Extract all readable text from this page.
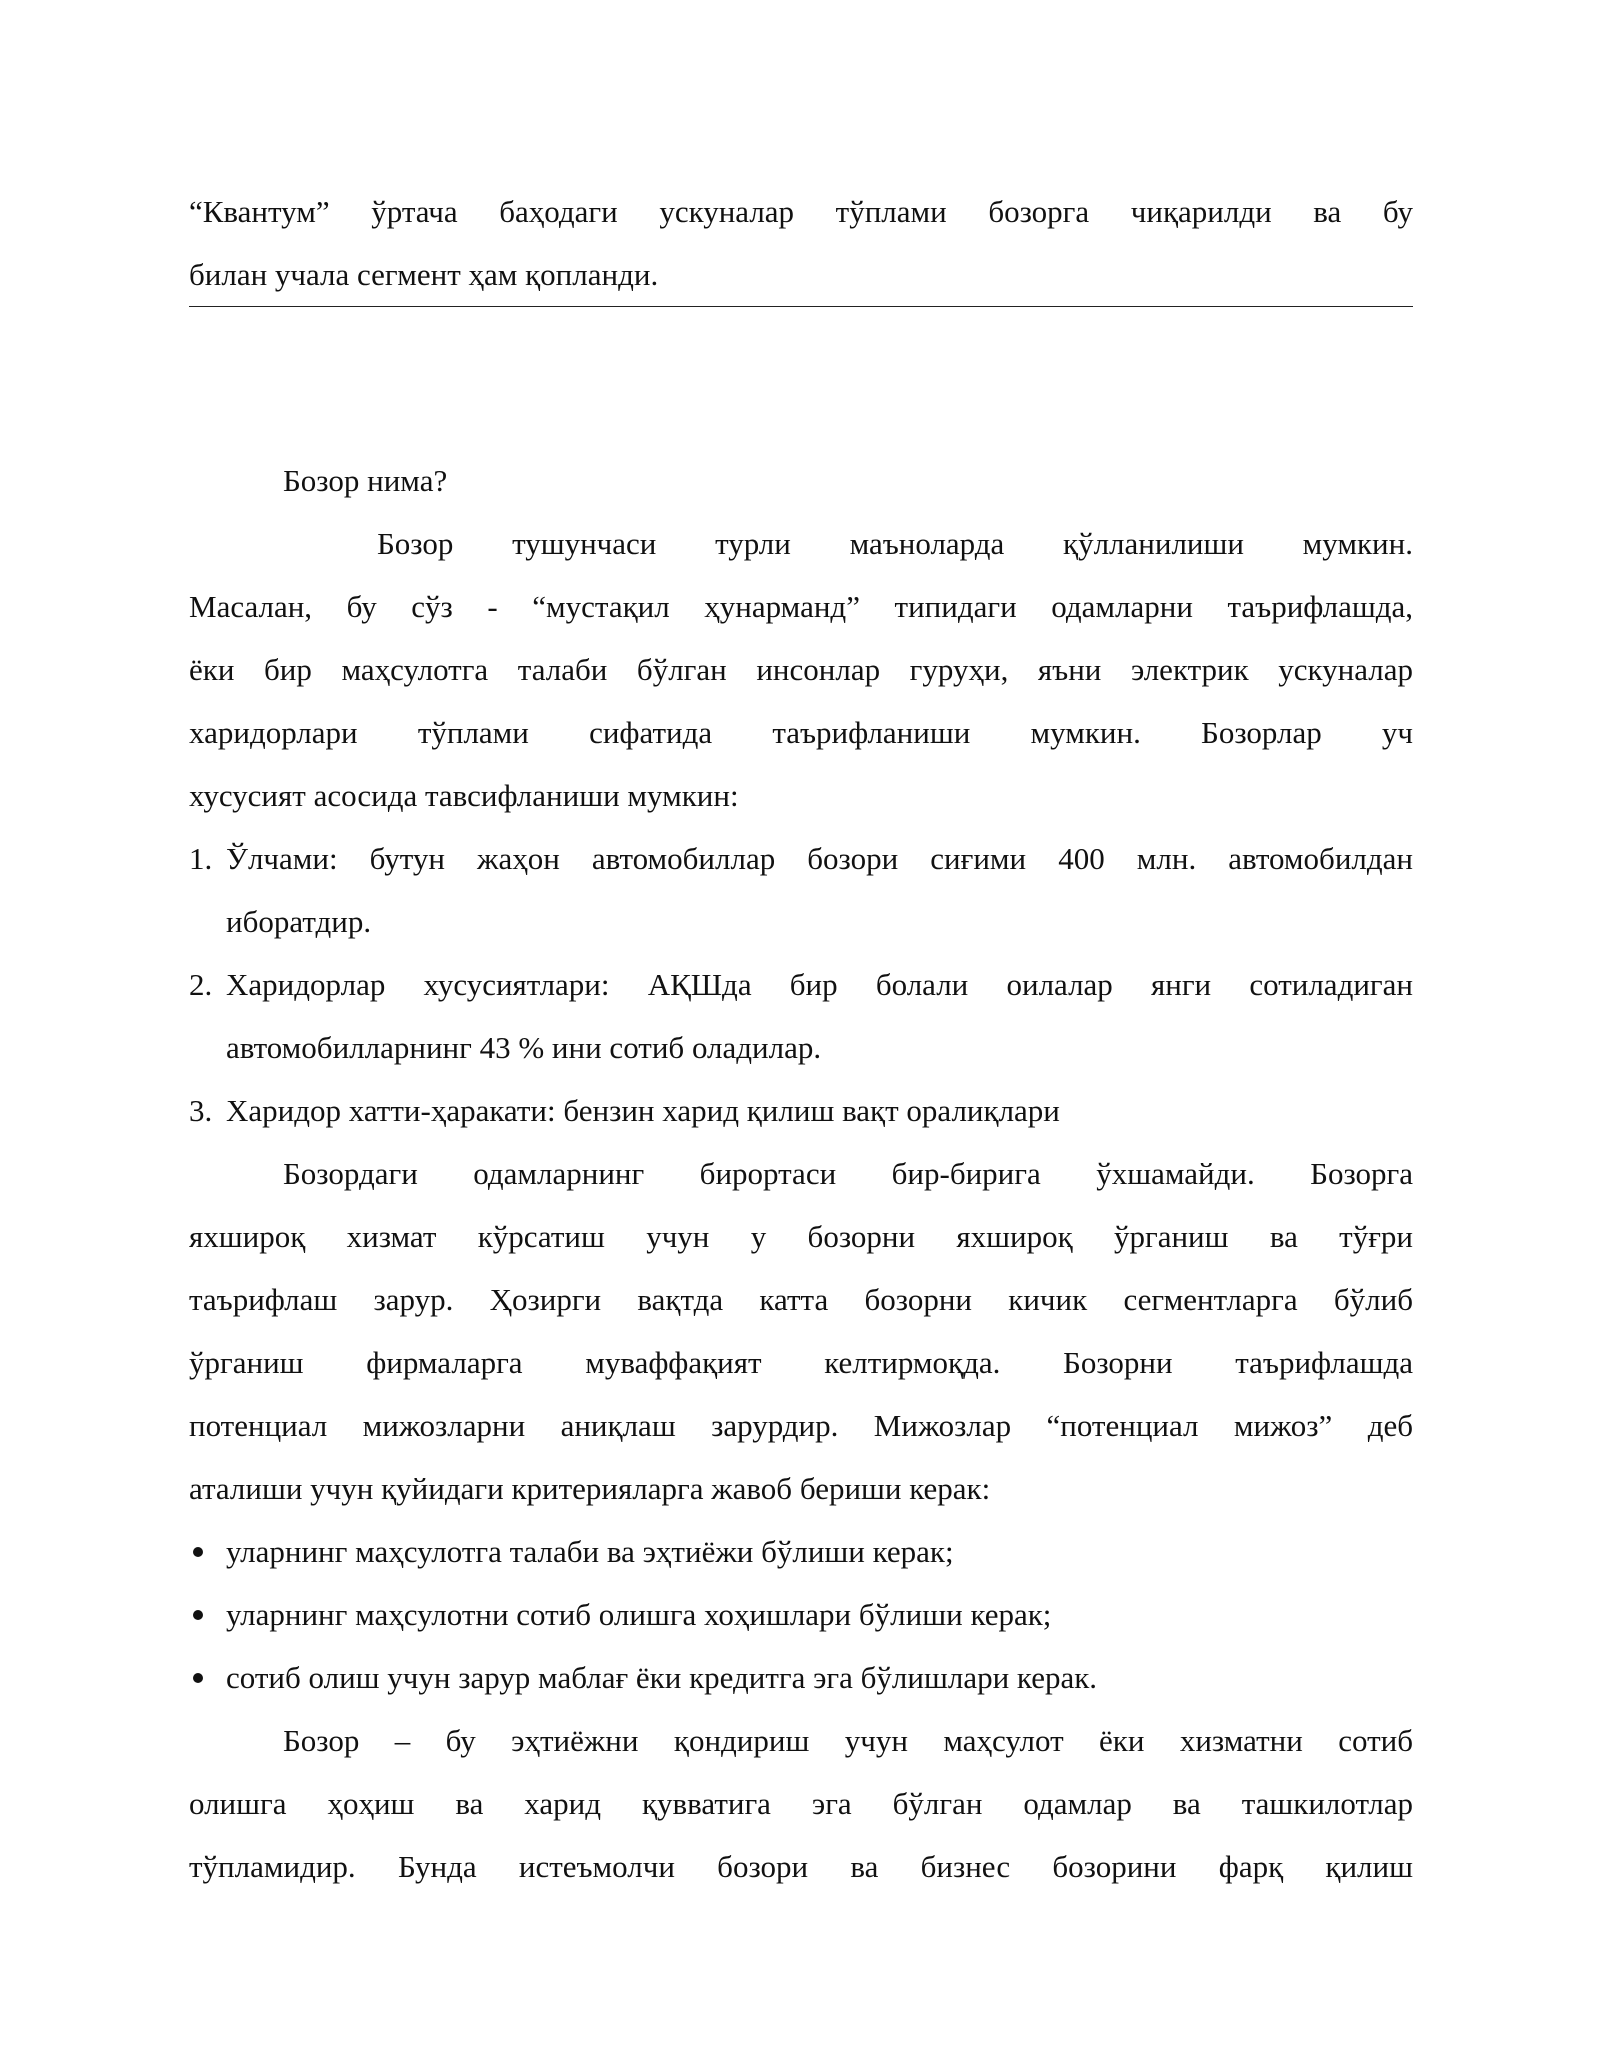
“Квантум” ўртача баҳодаги ускуналар тўплами бозорга чиқарилди ва бу
билан учала сегмент ҳам қопланди.
Бозор нима?
Бозор тушунчаси турли маъноларда қўлланилиши мумкин.
Масалан, бу сўз - “мустақил ҳунарманд” типидаги одамларни таърифлашда,
ёки бир маҳсулотга талаби бўлган инсонлар гуруҳи, яъни электрик ускуналар
харидорлари тўплами сифатида таърифланиши мумкин. Бозорлар уч
хусусият асосида тавсифланиши мумкин:
1. Ўлчами: бутун жаҳон автомобиллар бозори сиғими 400 млн. автомобилдан
иборатдир.
2. Харидорлар хусусиятлари: АҚШда бир болали оилалар янги сотиладиган
автомобилларнинг 43 % ини сотиб оладилар.
3. Харидор хатти-ҳаракати: бензин харид қилиш вақт оралиқлари
Бозордаги одамларнинг бирортаси бир-бирига ўхшамайди. Бозорга
яхшироқ хизмат кўрсатиш учун у бозорни яхшироқ ўрганиш ва тўғри
таърифлаш зарур. Ҳозирги вақтда катта бозорни кичик сегментларга бўлиб
ўрганиш фирмаларга муваффақият келтирмоқда. Бозорни таърифлашда
потенциал мижозларни аниқлаш зарурдир. Мижозлар “потенциал мижоз” деб
аталиши учун қуйидаги критерияларга жавоб бериши керак:
уларнинг маҳсулотга талаби ва эҳтиёжи бўлиши керак;
уларнинг маҳсулотни сотиб олишга хоҳишлари бўлиши керак;
сотиб олиш учун зарур маблағ ёки кредитга эга бўлишлари керак.
Бозор – бу эҳтиёжни қондириш учун маҳсулот ёки хизматни сотиб
олишга ҳоҳиш ва харид қувватига эга бўлган одамлар ва ташкилотлар
тўпламидир. Бунда истеъмолчи бозори ва бизнес бозорини фарқ қилиш
